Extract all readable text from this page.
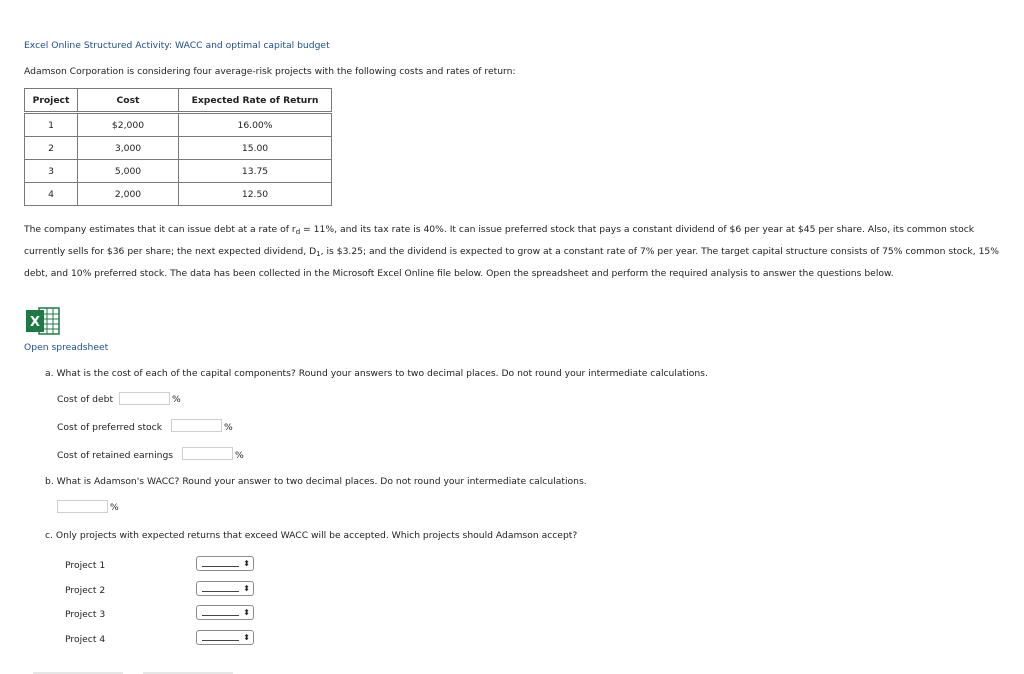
Excel Online Structured Activity: WACC and optimal capital budget
Adamson Corporation is considering four average-risk projects with the following costs and rates of return:
Project	Cost	Expected Rate of Return
1	$2,000	16.00%
2	3,000	15.00
3	5,000	13.75
4	2,000	12.50
The company estimates that it can issue debt at a rate of $r_d = 11\%$, and its tax rate is 40%. It can issue preferred stock that pays a constant dividend of $6 per year at $45 per share. Also, its common stock currently sells for $36 per share; the next expected dividend, $D_1$, is $3.25; and the dividend is expected to grow at a constant rate of 7% per year. The target capital structure consists of 75% common stock, 15% debt, and 10% preferred stock. The data has been collected in the Microsoft Excel Online file below. Open the spreadsheet and perform the required analysis to answer the questions below.
X
Open spreadsheet
a. What is the cost of each of the capital components? Round your answers to two decimal places. Do not round your intermediate calculations.
Cost of debt	%
Cost of preferred stock	%
Cost of retained earnings	%
b. What is Adamson's WACC? Round your answer to two decimal places. Do not round your intermediate calculations.
%
c. Only projects with expected returns that exceed WACC will be accepted. Which projects should Adamson accept?
Project 1	⬍
Project 2	⬍
Project 3	⬍
Project 4	⬍
